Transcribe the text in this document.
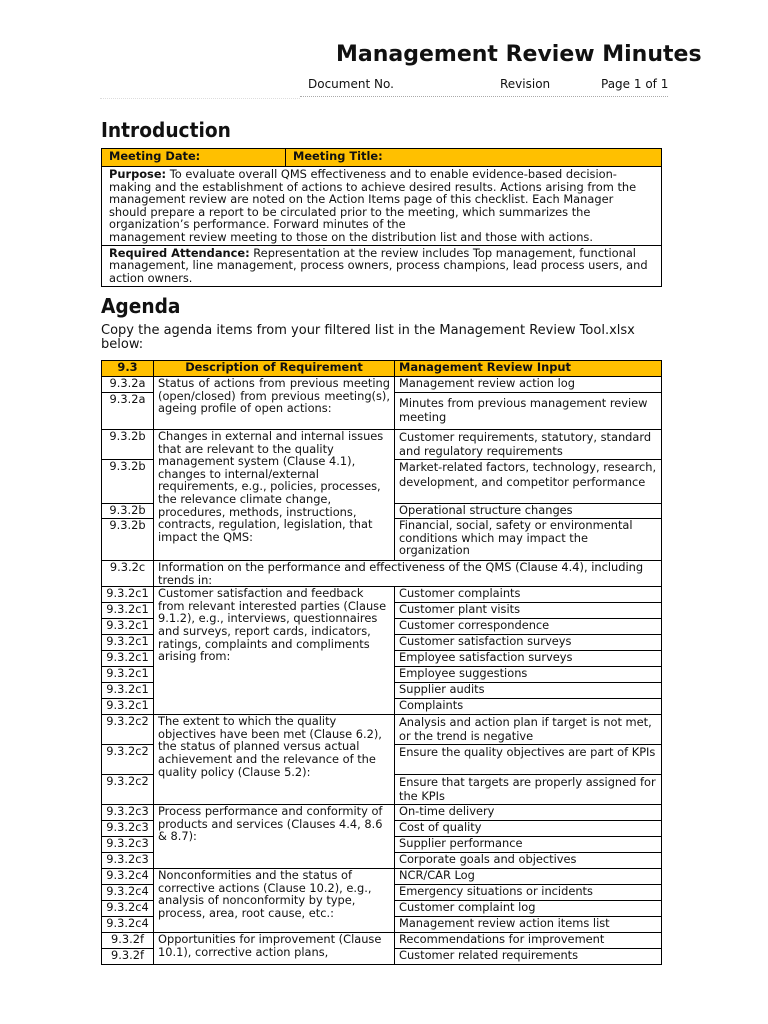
Management Review Minutes
Document No.	Revision	Page 1 of 1
Introduction
Meeting Date:	Meeting Title:
Purpose: To evaluate overall QMS effectiveness and to enable evidence-based decision-making and the establishment of actions to achieve desired results. Actions arising from the management review are noted on the Action Items page of this checklist. Each Manager should prepare a report to be circulated prior to the meeting, which summarizes the organization’s performance. Forward minutes of the
management review meeting to those on the distribution list and those with actions.
Required Attendance: Representation at the review includes Top management, functional management, line management, process owners, process champions, lead process users, and action owners.
Agenda
Copy the agenda items from your filtered list in the Management Review Tool.xlsx below:
9.3	Description of Requirement	Management Review Input
9.3.2a	Status of actions from previous meeting (open/closed) from previous meeting(s), ageing profile of open actions:	Management review action log
9.3.2a		Minutes from previous management review meeting
9.3.2b	Changes in external and internal issues that are relevant to the quality management system (Clause 4.1), changes to internal/external requirements, e.g., policies, processes, the relevance climate change, procedures, methods, instructions, contracts, regulation, legislation, that impact the QMS:	Customer requirements, statutory, standard and regulatory requirements
9.3.2b		Market-related factors, technology, research, development, and competitor performance
9.3.2b		Operational structure changes
9.3.2b		Financial, social, safety or environmental conditions which may impact the organization
9.3.2c	Information on the performance and effectiveness of the QMS (Clause 4.4), including trends in:	
9.3.2c1	Customer satisfaction and feedback from relevant interested parties (Clause 9.1.2), e.g., interviews, questionnaires and surveys, report cards, indicators, ratings, complaints and compliments arising from:	Customer complaints
9.3.2c1		Customer plant visits
9.3.2c1		Customer correspondence
9.3.2c1		Customer satisfaction surveys
9.3.2c1		Employee satisfaction surveys
9.3.2c1		Employee suggestions
9.3.2c1		Supplier audits
9.3.2c1		Complaints
9.3.2c2	The extent to which the quality objectives have been met (Clause 6.2), the status of planned versus actual achievement and the relevance of the quality policy (Clause 5.2):	Analysis and action plan if target is not met, or the trend is negative
9.3.2c2		Ensure the quality objectives are part of KPIs
9.3.2c2		Ensure that targets are properly assigned for the KPIs
9.3.2c3	Process performance and conformity of products and services (Clauses 4.4, 8.6 & 8.7):	On-time delivery
9.3.2c3		Cost of quality
9.3.2c3		Supplier performance
9.3.2c3		Corporate goals and objectives
9.3.2c4	Nonconformities and the status of corrective actions (Clause 10.2), e.g., analysis of nonconformity by type, process, area, root cause, etc.:	NCR/CAR Log
9.3.2c4		Emergency situations or incidents
9.3.2c4		Customer complaint log
9.3.2c4		Management review action items list
9.3.2f	Opportunities for improvement (Clause 10.1), corrective action plans,	Recommendations for improvement
9.3.2f		Customer related requirements
